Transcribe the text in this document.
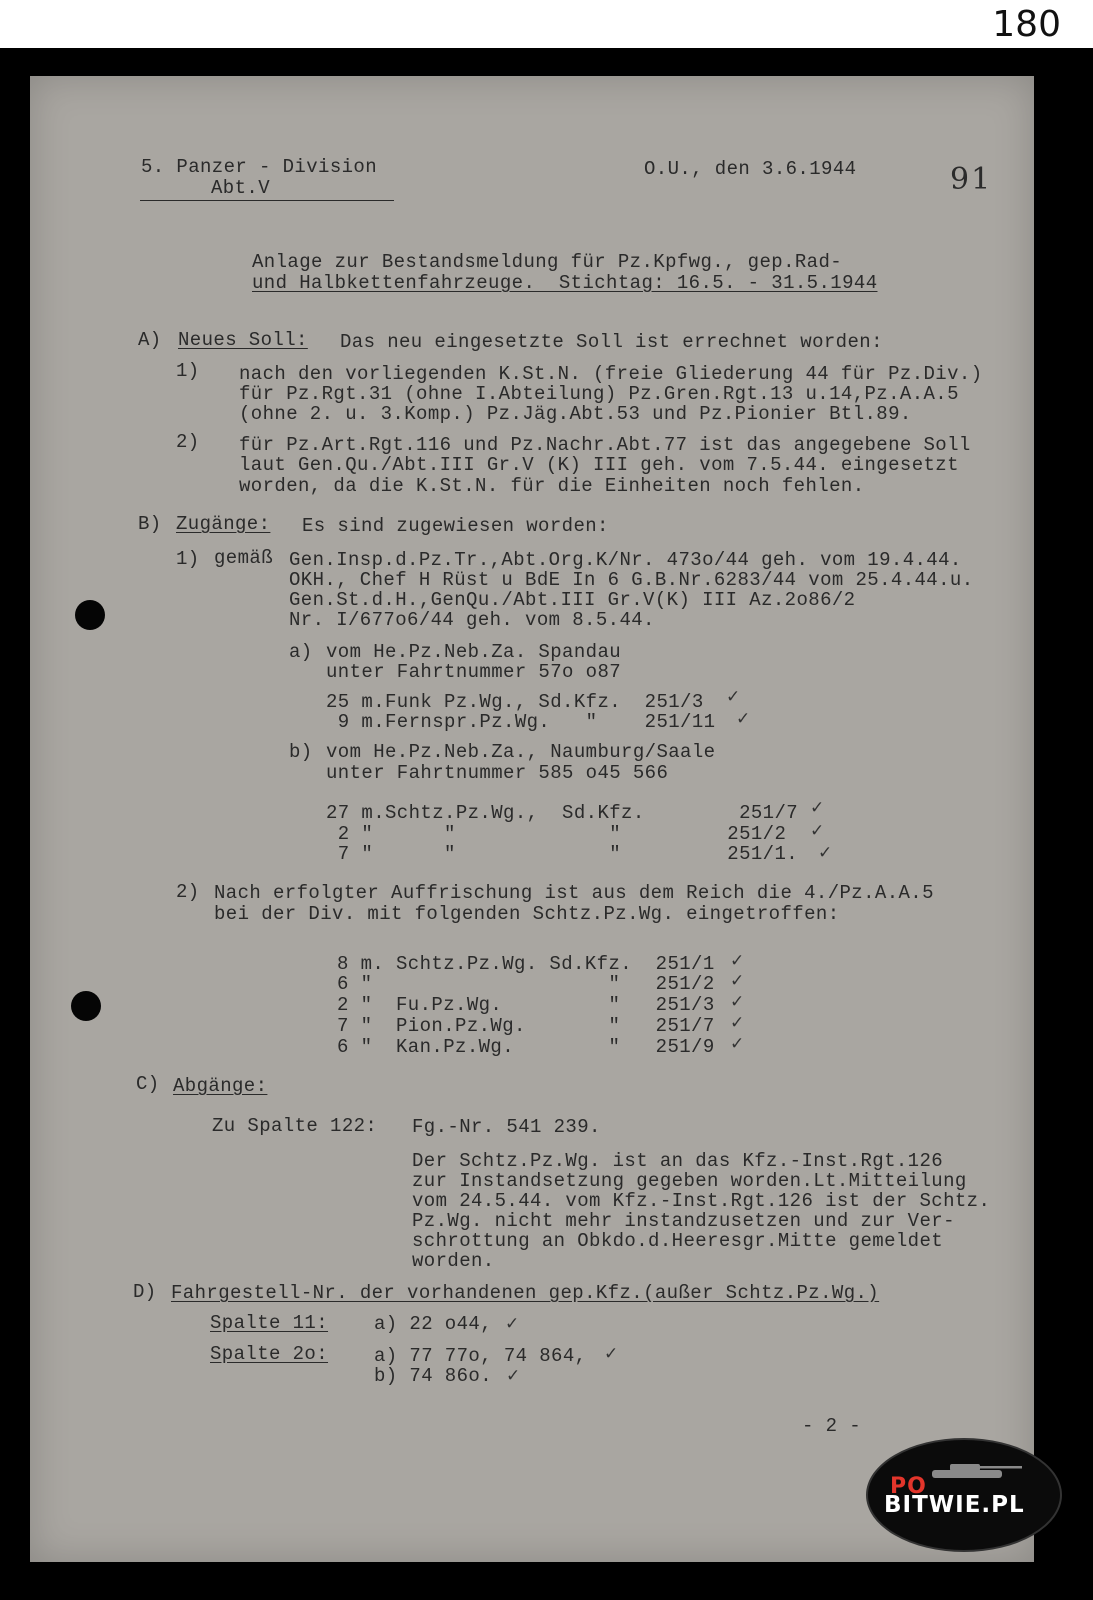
180
5. Panzer - Division
Abt.V
O.U., den 3.6.1944	91
Anlage zur Bestandsmeldung für Pz.Kpfwg., gep.Rad-
und Halbkettenfahrzeuge.  Stichtag: 16.5. - 31.5.1944
A) Neues Soll: Das neu eingesetzte Soll ist errechnet worden:
1) nach den vorliegenden K.St.N. (freie Gliederung 44 für Pz.Div.)
für Pz.Rgt.31 (ohne I.Abteilung) Pz.Gren.Rgt.13 u.14,Pz.A.A.5
(ohne 2. u. 3.Komp.) Pz.Jäg.Abt.53 und Pz.Pionier Btl.89.
2) für Pz.Art.Rgt.116 und Pz.Nachr.Abt.77 ist das angegebene Soll
laut Gen.Qu./Abt.III Gr.V (K) III geh. vom 7.5.44. eingesetzt
worden, da die K.St.N. für die Einheiten noch fehlen.
B) Zugänge: Es sind zugewiesen worden:
1) gemäß Gen.Insp.d.Pz.Tr.,Abt.Org.K/Nr. 473o/44 geh. vom 19.4.44.
OKH., Chef H Rüst u BdE In 6 G.B.Nr.6283/44 vom 25.4.44.u.
Gen.St.d.H.,GenQu./Abt.III Gr.V(K) III Az.2o86/2
Nr. I/677o6/44 geh. vom 8.5.44.
a) vom He.Pz.Neb.Za. Spandau
unter Fahrtnummer 57o o87
25 m.Funk Pz.Wg., Sd.Kfz.  251/3
9 m.Fernspr.Pz.Wg.   "    251/11
✓
✓
b) vom He.Pz.Neb.Za., Naumburg/Saale
unter Fahrtnummer 585 o45 566
27 m.Schtz.Pz.Wg.,  Sd.Kfz.        251/7
2 "      "             "         251/2
7 "      "             "         251/1.
✓
✓
✓
2) Nach erfolgter Auffrischung ist aus dem Reich die 4./Pz.A.A.5
bei der Div. mit folgenden Schtz.Pz.Wg. eingetroffen:
8 m. Schtz.Pz.Wg. Sd.Kfz.  251/1
6 "                    "   251/2
2 "  Fu.Pz.Wg.         "   251/3
7 "  Pion.Pz.Wg.       "   251/7
6 "  Kan.Pz.Wg.        "   251/9
✓
✓
✓
✓
✓
C) Abgänge:
Zu Spalte 122: Fg.-Nr. 541 239.
Der Schtz.Pz.Wg. ist an das Kfz.-Inst.Rgt.126
zur Instandsetzung gegeben worden.Lt.Mitteilung
vom 24.5.44. vom Kfz.-Inst.Rgt.126 ist der Schtz.
Pz.Wg. nicht mehr instandzusetzen und zur Ver-
schrottung an Obkdo.d.Heeresgr.Mitte gemeldet
worden.
D) Fahrgestell-Nr. der vorhandenen gep.Kfz.(außer Schtz.Pz.Wg.)
Spalte 11: a) 22 o44, ✓
Spalte 2o: a) 77 77o, 74 864,
b) 74 86o.
✓
✓
- 2 -
PO
BITWIE.PL
